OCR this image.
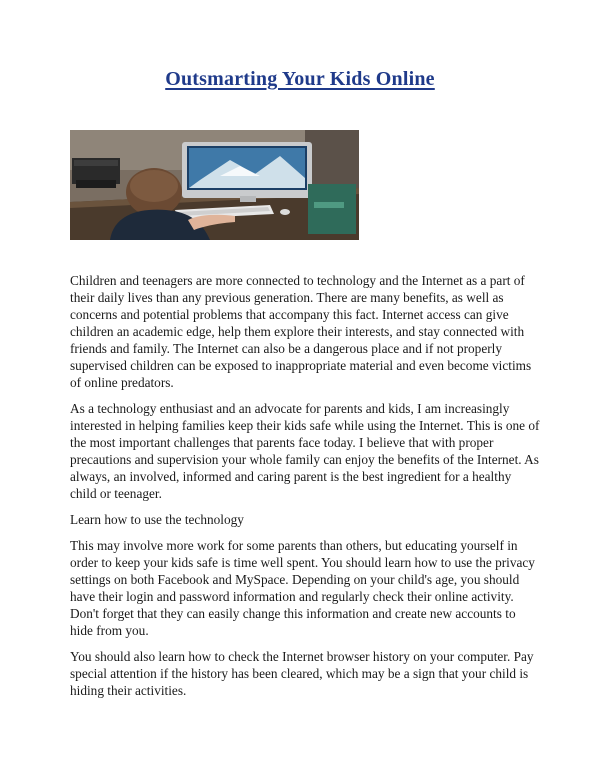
Outsmarting Your Kids Online

Children and teenagers are more connected to technology and the Internet as a part of their daily lives than any previous generation. There are many benefits, as well as concerns and potential problems that accompany this fact. Internet access can give children an academic edge, help them explore their interests, and stay connected with friends and family. The Internet can also be a dangerous place and if not properly supervised children can be exposed to inappropriate material and even become victims of online predators.

As a technology enthusiast and an advocate for parents and kids, I am increasingly interested in helping families keep their kids safe while using the Internet. This is one of the most important challenges that parents face today. I believe that with proper precautions and supervision your whole family can enjoy the benefits of the Internet. As always, an involved, informed and caring parent is the best ingredient for a healthy child or teenager.

Learn how to use the technology

This may involve more work for some parents than others, but educating yourself in order to keep your kids safe is time well spent. You should learn how to use the privacy settings on both Facebook and MySpace. Depending on your child's age, you should have their login and password information and regularly check their online activity. Don't forget that they can easily change this information and create new accounts to hide from you.

You should also learn how to check the Internet browser history on your computer. Pay special attention if the history has been cleared, which may be a sign that your child is hiding their activities.
